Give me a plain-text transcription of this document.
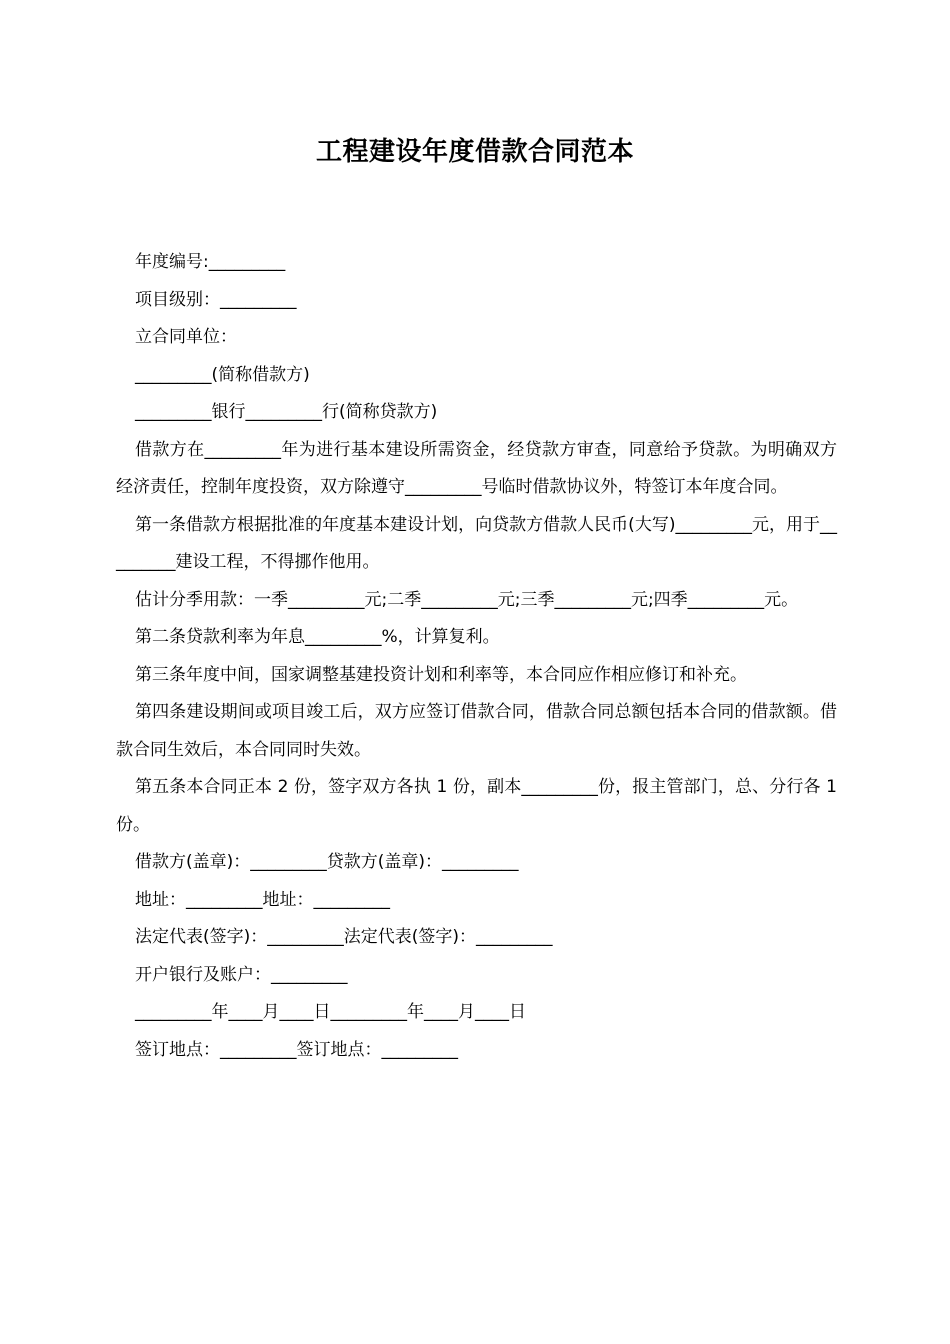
工程建设年度借款合同范本

年度编号:_________

项目级别：_________

立合同单位：

_________(简称借款方)

_________银行_________行(简称贷款方)

借款方在_________年为进行基本建设所需资金，经贷款方审查，同意给予贷款。为明确双方经济责任，控制年度投资，双方除遵守_________号临时借款协议外，特签订本年度合同。

第一条借款方根据批准的年度基本建设计划，向贷款方借款人民币(大写)_________元，用于_________建设工程，不得挪作他用。

估计分季用款：一季_________元;二季_________元;三季_________元;四季_________元。

第二条贷款利率为年息_________%，计算复利。

第三条年度中间，国家调整基建投资计划和利率等，本合同应作相应修订和补充。

第四条建设期间或项目竣工后，双方应签订借款合同，借款合同总额包括本合同的借款额。借款合同生效后，本合同同时失效。

第五条本合同正本 2 份，签字双方各执 1 份，副本_________份，报主管部门，总、分行各 1 份。

借款方(盖章)：_________贷款方(盖章)：_________

地址：_________地址：_________

法定代表(签字)：_________法定代表(签字)：_________

开户银行及账户：_________

_________年____月____日_________年____月____日

签订地点：_________签订地点：_________
